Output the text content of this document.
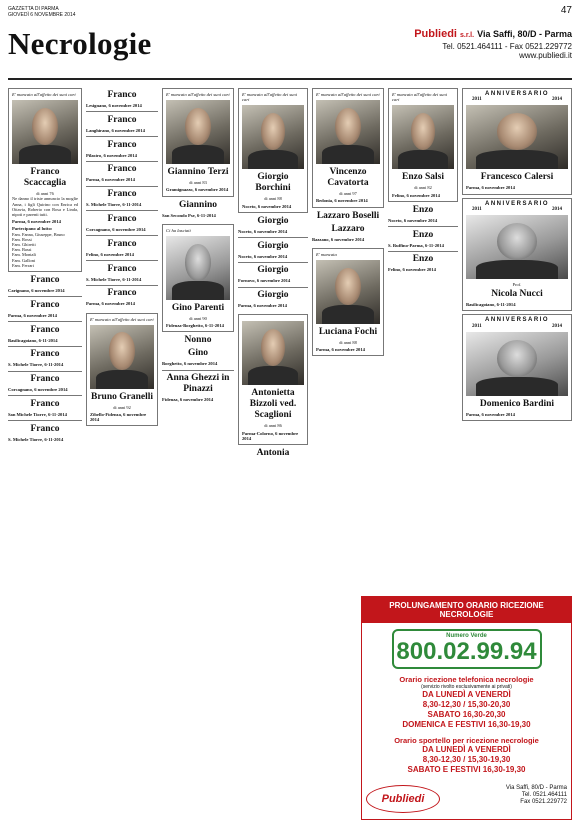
GAZZETTA DI PARMA
GIOVEDÌ 6 NOVEMBRE 2014	47
Necrologie	Publiedi s.r.l. Via Saffi, 80/D - Parma
Tel. 0521.464111 - Fax 0521.229772
www.publiedi.it
E' mancato all'affetto dei suoi cari
Franco Scaccaglia
di anni 76
Ne danno il triste annuncio la moglie Anna, i figli Quirino con Enrica ed Ottavia, Roberto con Rosa e Linda, nipoti e parenti tutti.
Parma, 6 novembre 2014
Partecipano al lutto:
Fam. Fanna, Giuseppe, Bruno
Fam. Rossi
Fam. Ghiretti
Fam. Bassi
Fam. Montali
Fam. Galloni
Fam. Ferrari
Franco
Carignano, 6 novembre 2014
Franco
Parma, 6 novembre 2014
Franco
Basilicagoiano, 6-11-2014
Franco
S. Michele Tiorre, 6-11-2014
Franco
Corcagnano, 6 novembre 2014
Franco
San Michele Tiorre, 6-11-2014
Franco
S. Michele Tiorre, 6-11-2014
Franco
Lesignano, 6 novembre 2014
Franco
Langhirano, 6 novembre 2014
Franco
Pilastro, 6 novembre 2014
Franco
Parma, 6 novembre 2014
Franco
S. Michele Tiorre, 6-11-2014
Franco
Corcagnano, 6 novembre 2014
Franco
Felino, 6 novembre 2014
Franco
S. Michele Tiorre, 6-11-2014
Franco
Parma, 6 novembre 2014
E' mancato all'affetto dei suoi cari
Bruno Granelli
di anni 92
Zibello-Fidenza, 6 novembre 2014
E' mancato all'affetto dei suoi cari
Giannino Terzi
di anni 83
Gramignazzo, 6 novembre 2014
Giannino
San Secondo Pse, 6-11-2014
Ci ha lasciati
Gino Parenti
di anni 90
Fidenza-Borghetto, 6-11-2014
Nonno
Gino
Borghetto, 6 novembre 2014
Anna Ghezzi in Pinazzi
Fidenza, 6 novembre 2014
E' mancato all'affetto dei suoi cari
Giorgio Borchini
di anni 88
Noceto, 6 novembre 2014
Giorgio
Noceto, 6 novembre 2014
Giorgio
Noceto, 6 novembre 2014
Giorgio
Fornovo, 6 novembre 2014
Giorgio
Parma, 6 novembre 2014
Antonietta Bizzoli ved. Scaglioni
di anni 86
Parma-Colorno, 6 novembre 2014
Antonia
E' mancato all'affetto dei suoi cari
Vincenzo Cavatorta
di anni 97
Bedonia, 6 novembre 2014
Lazzaro Boselli
Lazzaro
Bazzano, 6 novembre 2014
E' mancata
Luciana Fochi
di anni 88
Parma, 6 novembre 2014
E' mancato all'affetto dei suoi cari
Enzo Salsi
di anni 82
Felino, 6 novembre 2014
Enzo
Noceto, 6 novembre 2014
Enzo
S. Ruffino-Parma, 6-11-2014
Enzo
Felino, 6 novembre 2014
ANNIVERSARIO
2011	2014
Francesco Calersi
Parma, 6 novembre 2014
ANNIVERSARIO
2011	2014
Prof.
Nicola Nucci
Basilicagoiano, 6-11-2014
ANNIVERSARIO
2011	2014
Domenico Bardini
Parma, 6 novembre 2014
PROLUNGAMENTO ORARIO RICEZIONE NECROLOGIE
Numero Verde
800.02.99.94
Orario ricezione telefonica necrologie
(servizio rivolto esclusivamente ai privati)
DA LUNEDÌ A VENERDÌ
8,30-12,30 / 15,30-20,30
SABATO 16,30-20,30
DOMENICA E FESTIVI 16,30-19,30
Orario sportello per ricezione necrologie
DA LUNEDÌ A VENERDÌ
8,30-12,30 / 15,30-19,30
SABATO E FESTIVI 16,30-19,30
Publiedi
Via Saffi, 80/D - Parma
Tel. 0521.464111
Fax 0521.229772
